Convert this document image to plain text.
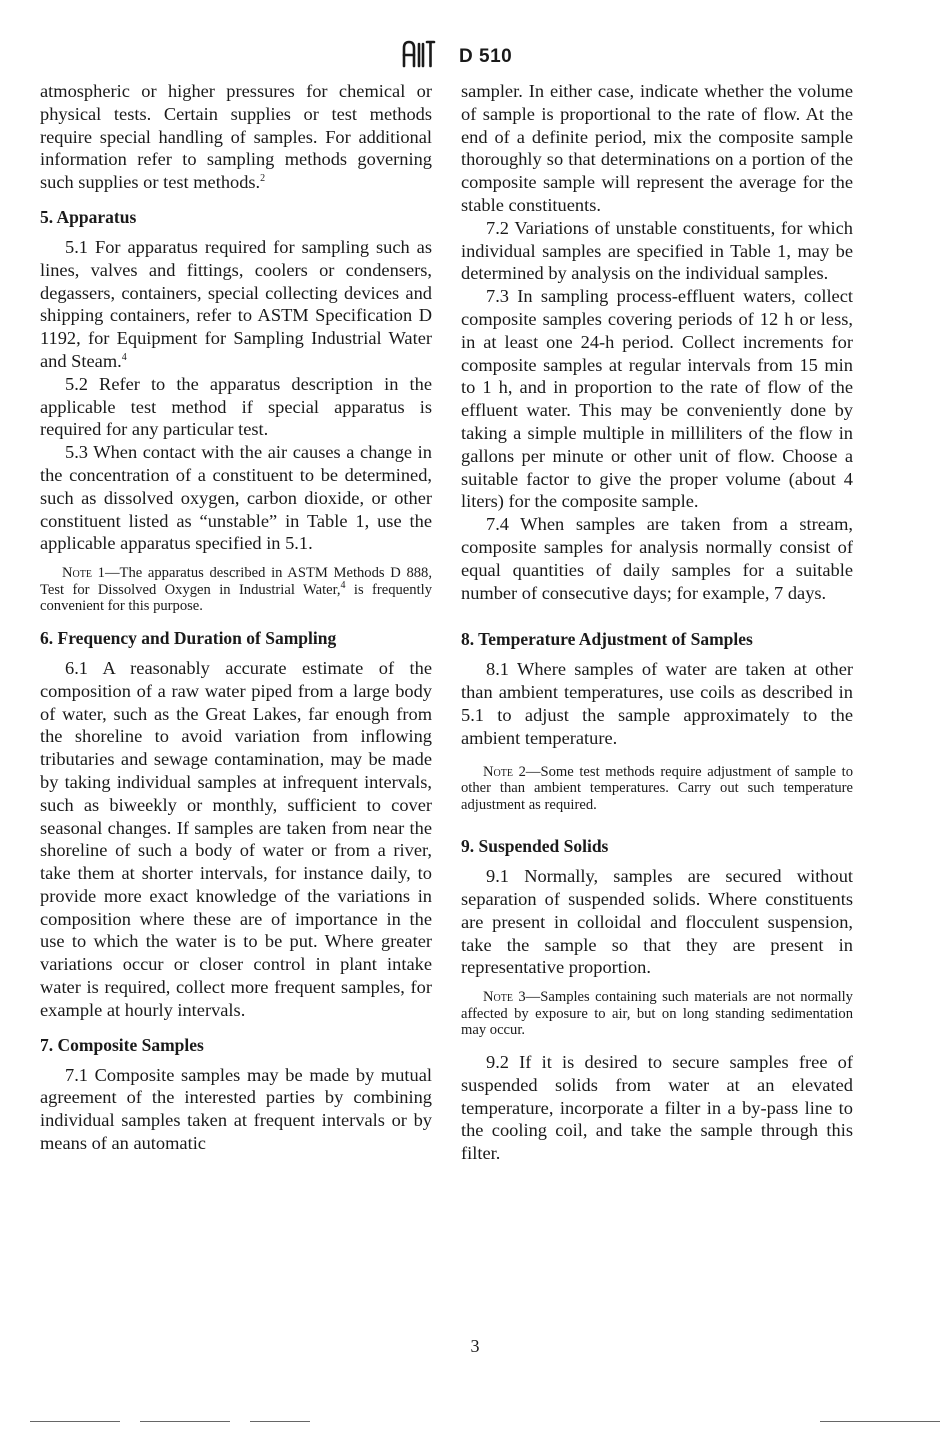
D 510

atmospheric or higher pressures for chemical or physical tests. Certain supplies or test methods require special handling of samples. For additional information refer to sampling methods governing such supplies or test methods.$^2$

5. Apparatus

5.1 For apparatus required for sampling such as lines, valves and fittings, coolers or condensers, degassers, containers, special collecting devices and shipping containers, refer to ASTM Specification D 1192, for Equipment for Sampling Industrial Water and Steam.$^4$

5.2 Refer to the apparatus description in the applicable test method if special apparatus is required for any particular test.

5.3 When contact with the air causes a change in the concentration of a constituent to be determined, such as dissolved oxygen, carbon dioxide, or other constituent listed as “unstable” in Table 1, use the applicable apparatus specified in 5.1.

Note 1—The apparatus described in ASTM Methods D 888, Test for Dissolved Oxygen in Industrial Water,$^4$ is frequently convenient for this purpose.
6. Frequency and Duration of Sampling

6.1 A reasonably accurate estimate of the composition of a raw water piped from a large body of water, such as the Great Lakes, far enough from the shoreline to avoid variation from inflowing tributaries and sewage contamination, may be made by taking individual samples at infrequent intervals, such as biweekly or monthly, sufficient to cover seasonal changes. If samples are taken from near the shoreline of such a body of water or from a river, take them at shorter intervals, for instance daily, to provide more exact knowledge of the variations in composition where these are of importance in the use to which the water is to be put. Where greater variations occur or closer control in plant intake water is required, collect more frequent samples, for example at hourly intervals.

7. Composite Samples

7.1 Composite samples may be made by mutual agreement of the interested parties by combining individual samples taken at frequent intervals or by means of an automatic

sampler. In either case, indicate whether the volume of sample is proportional to the rate of flow. At the end of a definite period, mix the composite sample thoroughly so that determinations on a portion of the composite sample will represent the average for the stable constituents.

7.2 Variations of unstable constituents, for which individual samples are specified in Table 1, may be determined by analysis on the individual samples.

7.3 In sampling process-effluent waters, collect composite samples covering periods of 12 h or less, in at least one 24-h period. Collect increments for composite samples at regular intervals from 15 min to 1 h, and in proportion to the rate of flow of the effluent water. This may be conveniently done by taking a simple multiple in milliliters of the flow in gallons per minute or other unit of flow. Choose a suitable factor to give the proper volume (about 4 liters) for the composite sample.

7.4 When samples are taken from a stream, composite samples for analysis normally consist of equal quantities of daily samples for a suitable number of consecutive days; for example, 7 days.

8. Temperature Adjustment of Samples

8.1 Where samples of water are taken at other than ambient temperatures, use coils as described in 5.1 to adjust the sample approximately to the ambient temperature.

Note 2—Some test methods require adjustment of sample to other than ambient temperatures. Carry out such temperature adjustment as required.
9. Suspended Solids

9.1 Normally, samples are secured without separation of suspended solids. Where constituents are present in colloidal and flocculent suspension, take the sample so that they are present in representative proportion.

Note 3—Samples containing such materials are not normally affected by exposure to air, but on long standing sedimentation may occur.

9.2 If it is desired to secure samples free of suspended solids from water at an elevated temperature, incorporate a filter in a by-pass line to the cooling coil, and take the sample through this filter.

3
